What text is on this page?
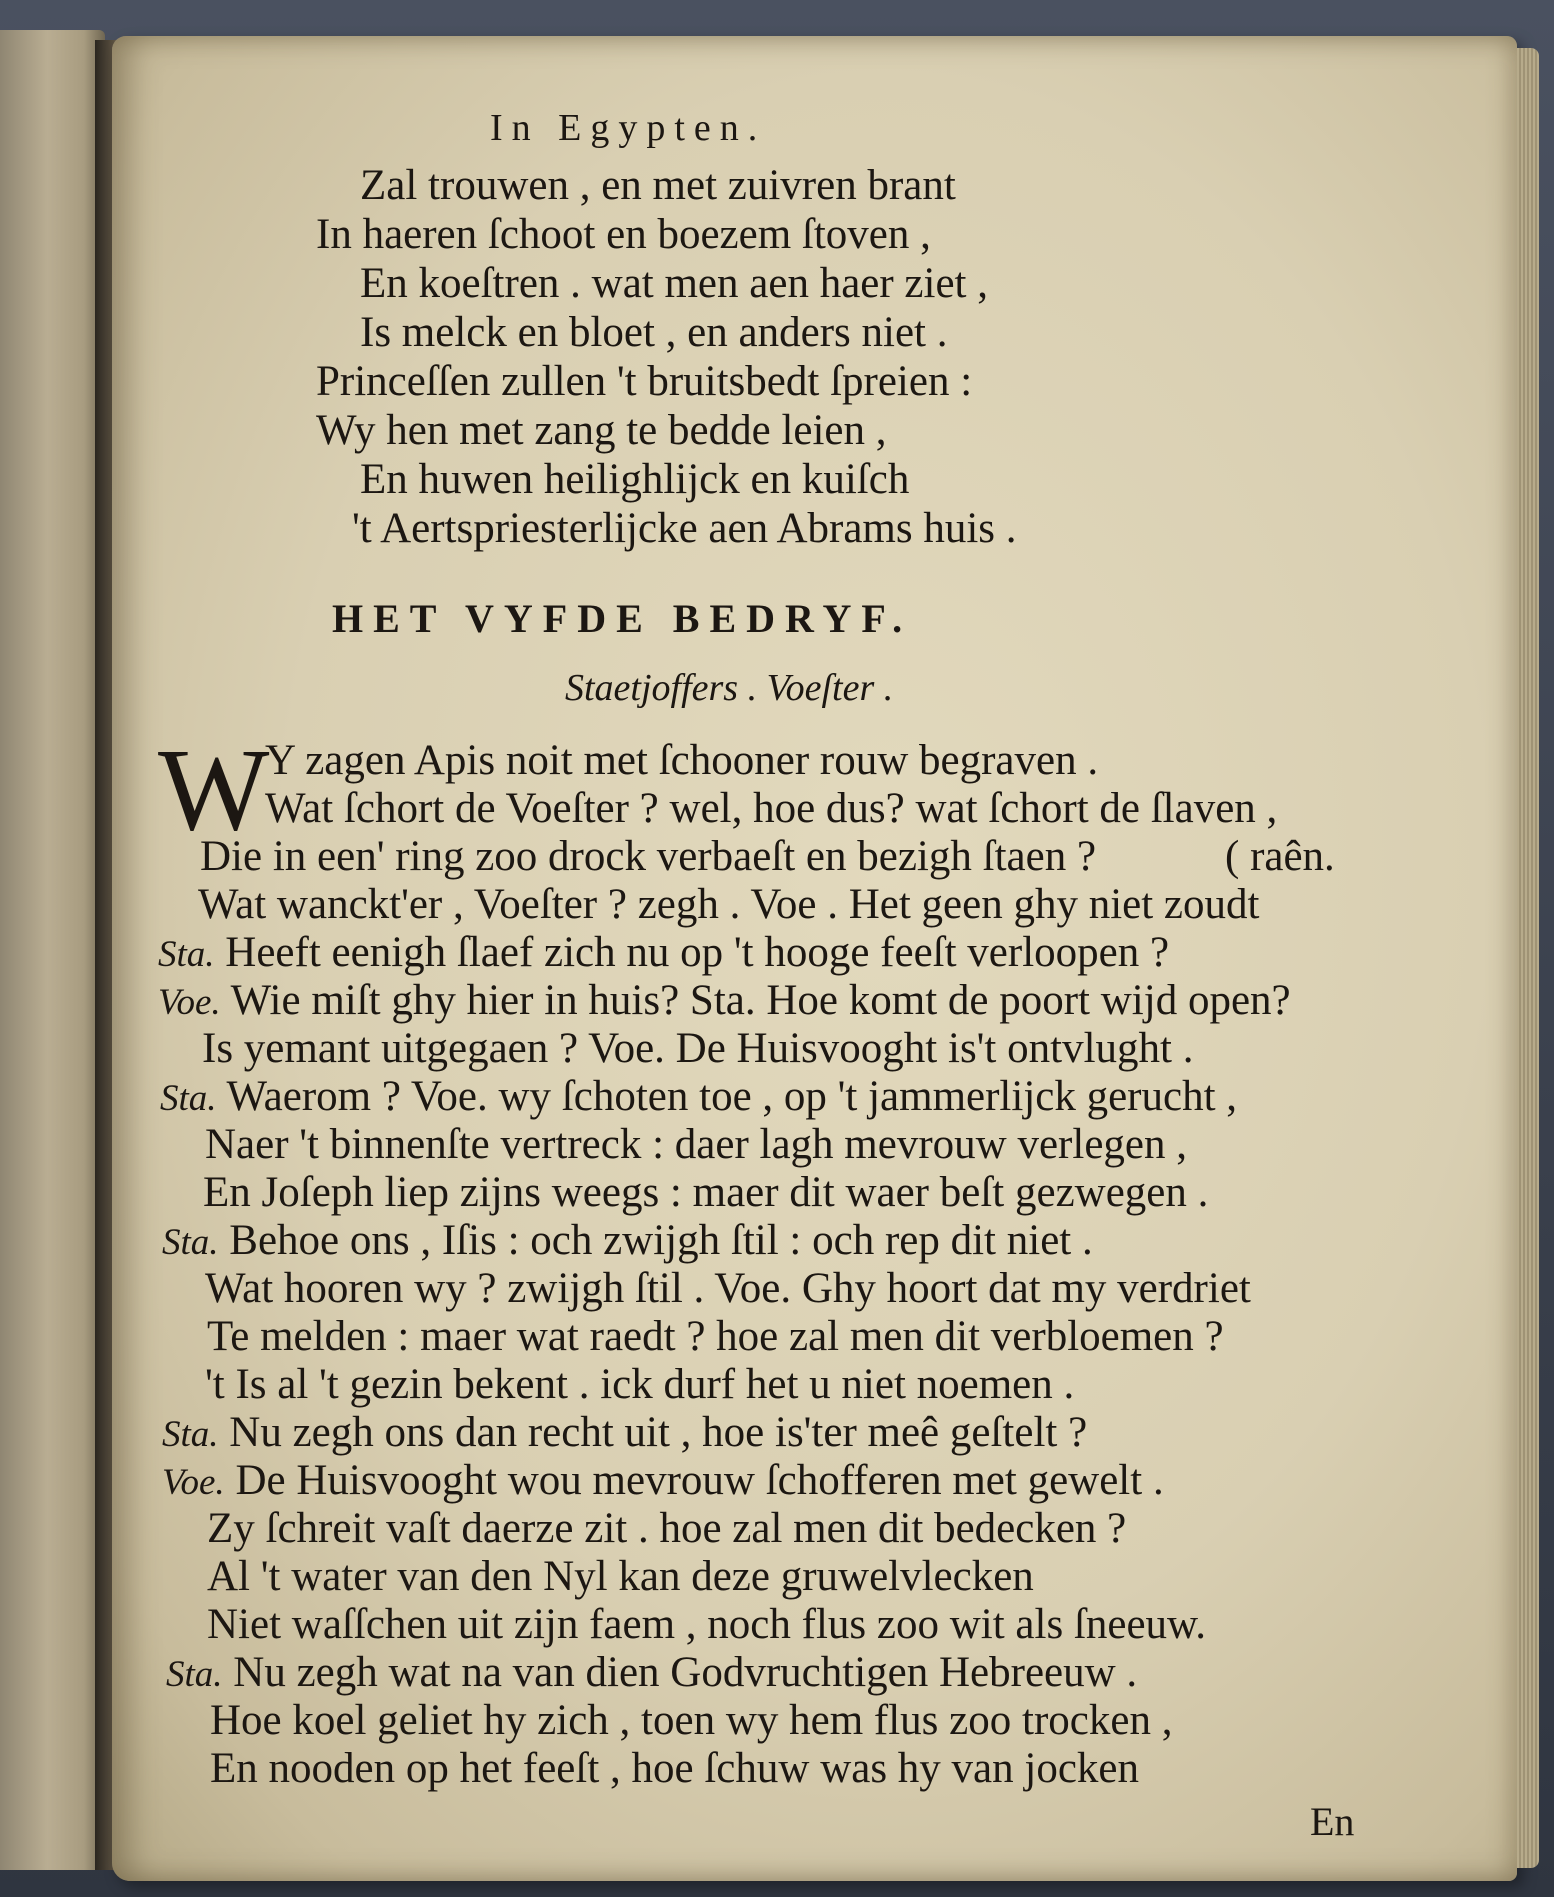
In Egypten.
Zal trouwen , en met zuivren brant
In haeren ſchoot en boezem ſtoven ,
En koeſtren . wat men aen haer ziet ,
Is melck en bloet , en anders niet .
Princeſſen zullen 't bruitsbedt ſpreien :
Wy hen met zang te bedde leien ,
En huwen heilighlijck en kuiſch
't Aertspriesterlijcke aen Abrams huis .
HET VYFDE BEDRYF.
Staetjoffers . Voeſter .
W
Y zagen Apis noit met ſchooner rouw begraven .
Wat ſchort de Voeſter ? wel, hoe dus? wat ſchort de ſlaven ,
Die in een' ring zoo drock verbaeſt en bezigh ſtaen ?	( raên.
Wat wanckt'er , Voeſter ? zegh . Voe . Het geen ghy niet zoudt
Sta. Heeft eenigh ſlaef zich nu op 't hooge feeſt verloopen ?
Voe. Wie miſt ghy hier in huis? Sta. Hoe komt de poort wijd open?
Is yemant uitgegaen ? Voe. De Huisvooght is't ontvlught .
Sta. Waerom ? Voe. wy ſchoten toe , op 't jammerlijck gerucht ,
Naer 't binnenſte vertreck : daer lagh mevrouw verlegen ,
En Joſeph liep zijns weegs : maer dit waer beſt gezwegen .
Sta. Behoe ons , Iſis : och zwijgh ſtil : och rep dit niet .
Wat hooren wy ? zwijgh ſtil . Voe. Ghy hoort dat my verdriet
Te melden : maer wat raedt ? hoe zal men dit verbloemen ?
't Is al 't gezin bekent . ick durf het u niet noemen .
Sta. Nu zegh ons dan recht uit , hoe is'ter meê geſtelt ?
Voe. De Huisvooght wou mevrouw ſchofferen met gewelt .
Zy ſchreit vaſt daerze zit . hoe zal men dit bedecken ?
Al 't water van den Nyl kan deze gruwelvlecken
Niet waſſchen uit zijn faem , noch flus zoo wit als ſneeuw.
Sta. Nu zegh wat na van dien Godvruchtigen Hebreeuw .
Hoe koel geliet hy zich , toen wy hem flus zoo trocken ,
En nooden op het feeſt , hoe ſchuw was hy van jocken
En
